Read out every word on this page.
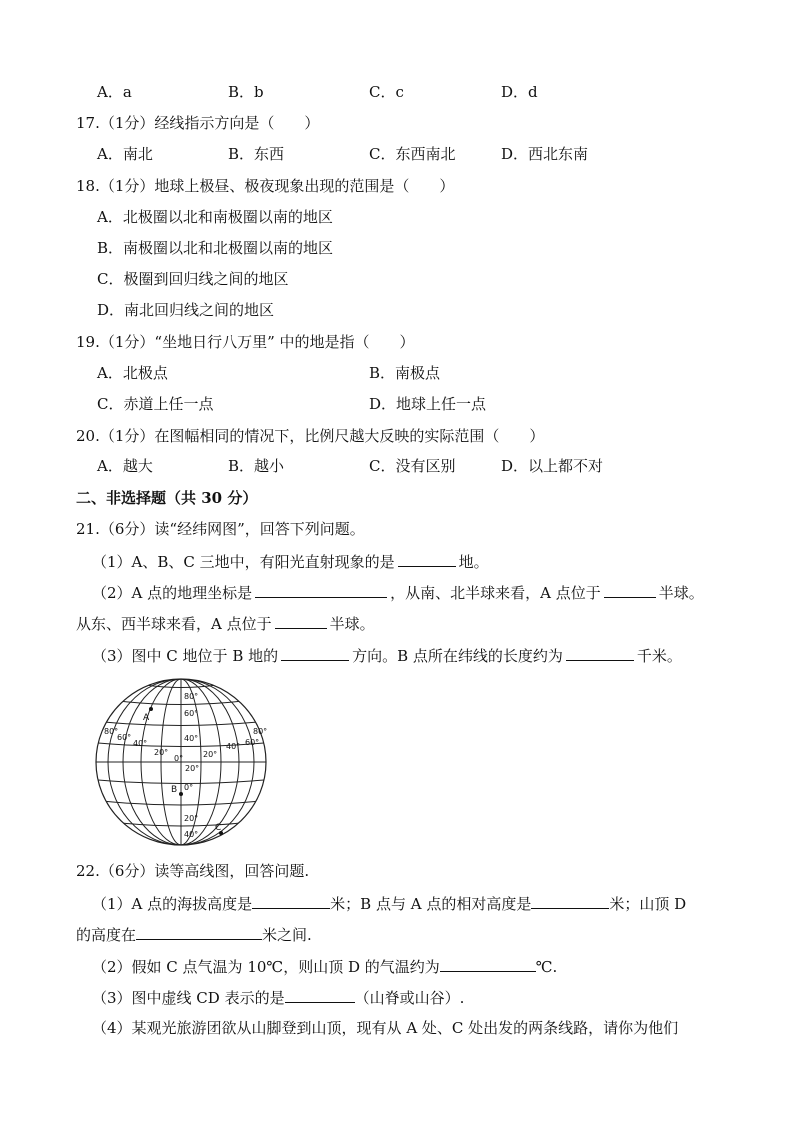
A．a	B．b	C．c	D．d
17.（1分）经线指示方向是（　　）
A．南北	B．东西	C．东西南北	D．西北东南
18.（1分）地球上极昼、极夜现象出现的范围是（　　）
A．北极圈以北和南极圈以南的地区
B．南极圈以北和北极圈以南的地区
C．极圈到回归线之间的地区
D．南北回归线之间的地区
19.（1分）“坐地日行八万里” 中的地是指（　　）
A．北极点	B．南极点
C．赤道上任一点	D．地球上任一点
20.（1分）在图幅相同的情况下，比例尺越大反映的实际范围（　　）
A．越大	B．越小	C．没有区别	D．以上都不对
二、非选择题（共 30 分）
21.（6分）读“经纬网图”，回答下列问题。
（1）A、B、C 三地中，有阳光直射现象的是	地。
（2）A 点的地理坐标是	，从南、北半球来看，A 点位于	半球。
从东、西半球来看，A 点位于	半球。
（3）图中 C 地位于 B 地的	方向。B 点所在纬线的长度约为	千米。
80°
60°
40°
20°
0°
20°
40°
80°
60°
40°
20°
0°
80°
60°
40°
20°
A
B
C
22.（6分）读等高线图，回答问题.
（1）A 点的海拔高度是	米；B 点与 A 点的相对高度是	米；山顶 D
的高度在	米之间.
（2）假如 C 点气温为 10℃，则山顶 D 的气温约为	℃.
（3）图中虚线 CD 表示的是	（山脊或山谷）.
（4）某观光旅游团欲从山脚登到山顶，现有从 A 处、C 处出发的两条线路，请你为他们
